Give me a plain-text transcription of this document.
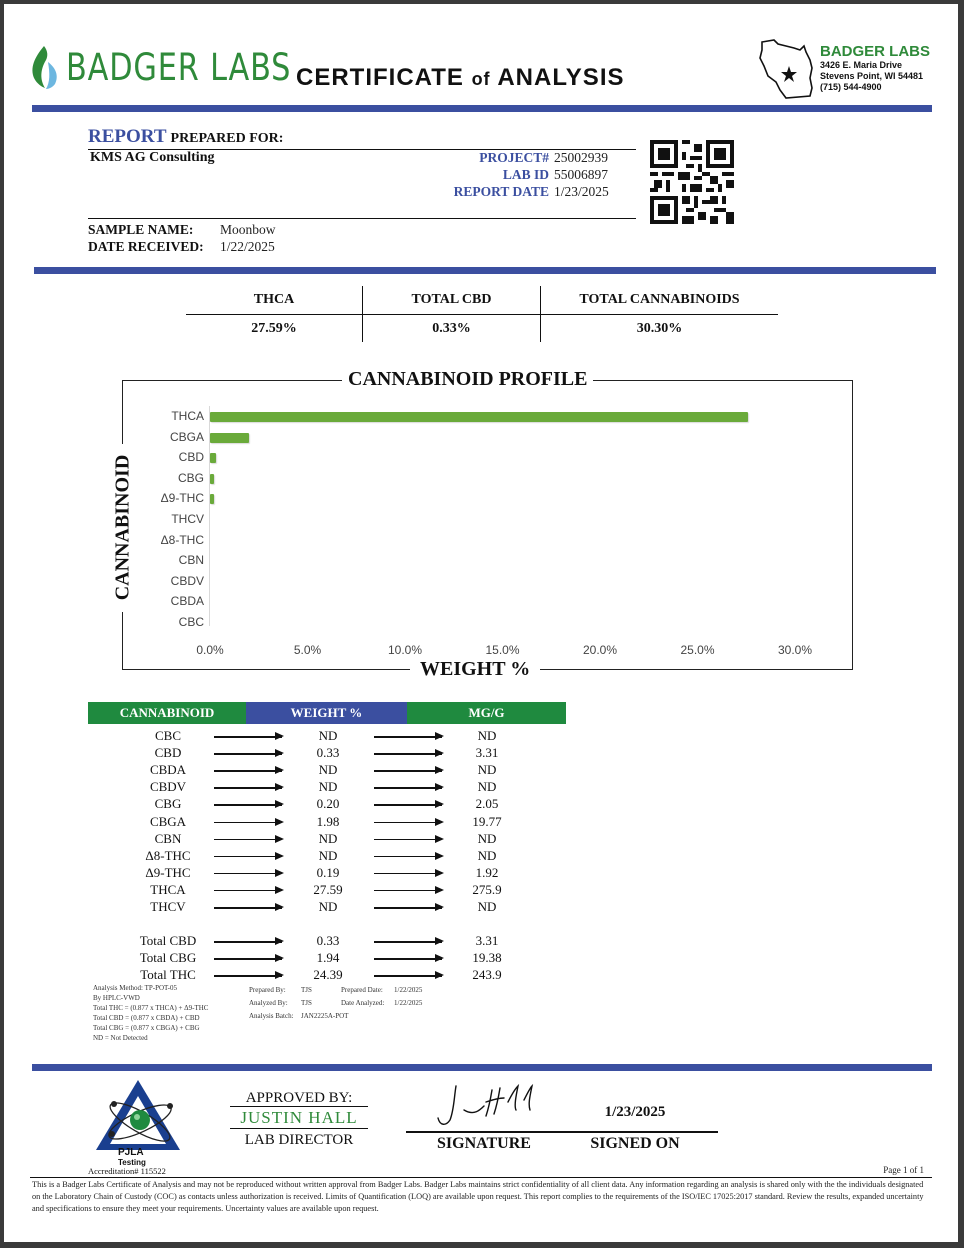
BADGER LABS CERTIFICATE of ANALYSIS
BADGER LABS
3426 E. Maria Drive
Stevens Point, WI 54481
(715) 544-4900
REPORT PREPARED FOR:
KMS AG Consulting	PROJECT# 25002939
LAB ID 55006897
REPORT DATE 1/23/2025
SAMPLE NAME: Moonbow
DATE RECEIVED: 1/22/2025
THCA	TOTAL CBD	TOTAL CANNABINOIDS
27.59%	0.33%	30.30%
CANNABINOID PROFILE
WEIGHT %
CANNABINOID
THCA
CBGA
CBD
CBG
Δ9-THC
THCV
Δ8-THC
CBN
CBDV
CBDA
CBC
0.0%	5.0%	10.0%	15.0%	20.0%	25.0%	30.0%
CANNABINOID	WEIGHT %	MG/G
CBC	ND	ND
CBD	0.33	3.31
CBDA	ND	ND
CBDV	ND	ND
CBG	0.20	2.05
CBGA	1.98	19.77
CBN	ND	ND
Δ8-THC	ND	ND
Δ9-THC	0.19	1.92
THCA	27.59	275.9
THCV	ND	ND
Total CBD	0.33	3.31
Total CBG	1.94	19.38
Total THC	24.39	243.9
Analysis Method: TP-POT-05
By HPLC-VWD
Total THC = (0.877 x THCA) + Δ9-THC
Total CBD = (0.877 x CBDA) + CBD
Total CBG = (0.877 x CBGA) + CBG
ND = Not Detected
Prepared By: TJS	Prepared Date: 1/22/2025
Analyzed By: TJS	Date Analyzed: 1/22/2025
Analysis Batch: JAN2225A-POT
PJLA
Testing
Accreditation# 115522
APPROVED BY:
JUSTIN HALL
LAB DIRECTOR
1/23/2025
SIGNATURE	SIGNED ON
Page 1 of 1
This is a Badger Labs Certificate of Analysis and may not be reproduced without written approval from Badger Labs. Badger Labs maintains strict confidentiality of all client data. Any information regarding an analysis is shared only with the the individuals designated on the Laboratory Chain of Custody (COC) as contacts unless authorization is received. Limits of Quantification (LOQ) are available upon request. This report complies to the requirements of the ISO/IEC 17025:2017 standard. Review the results, expanded uncertainty and specifications to ensure they meet your requirements. Uncertainty values are available upon request.
